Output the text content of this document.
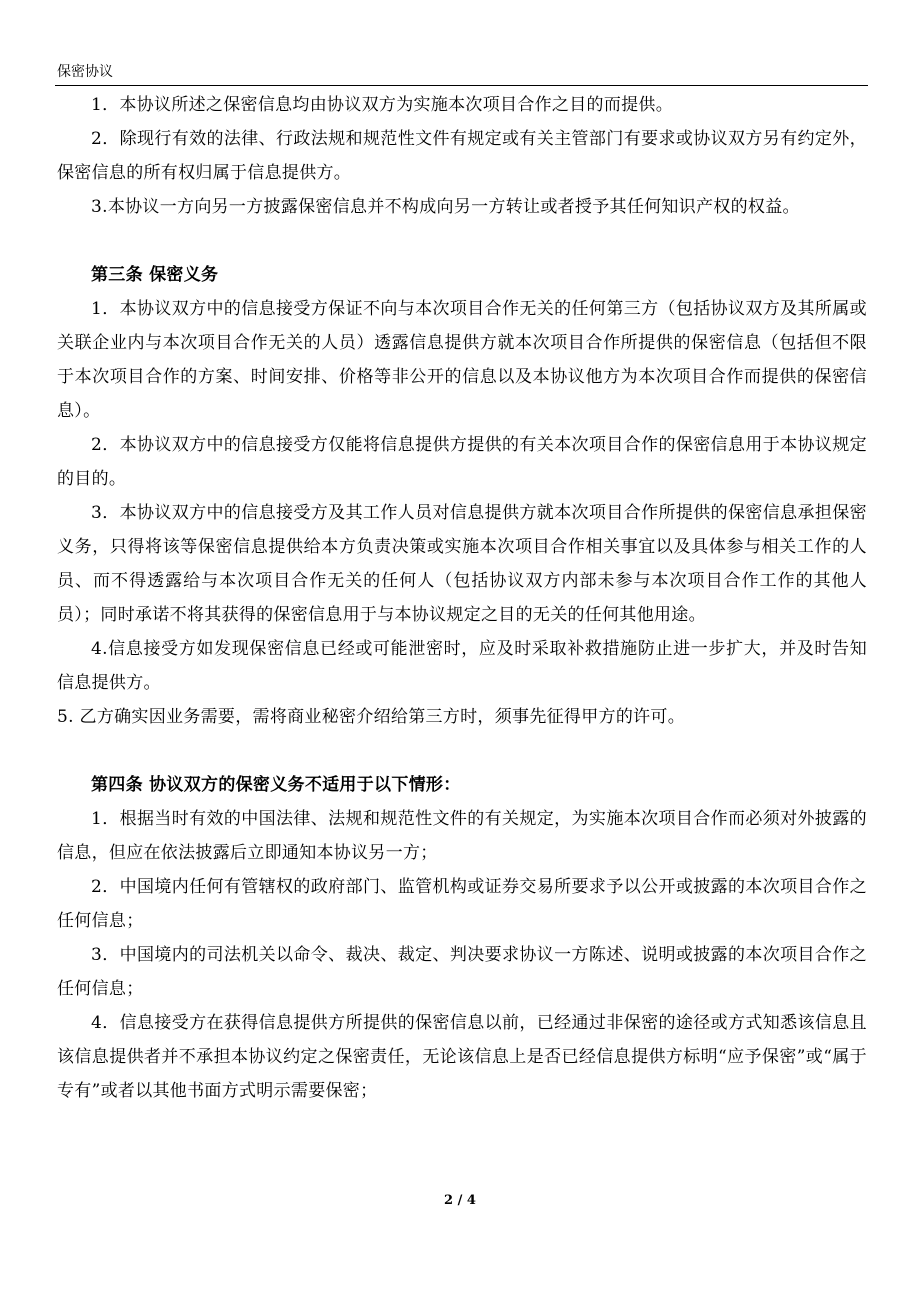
保密协议

1．本协议所述之保密信息均由协议双方为实施本次项目合作之目的而提供。

2．除现行有效的法律、行政法规和规范性文件有规定或有关主管部门有要求或协议双方另有约定外，保密信息的所有权归属于信息提供方。

3.本协议一方向另一方披露保密信息并不构成向另一方转让或者授予其任何知识产权的权益。

第三条 保密义务

1．本协议双方中的信息接受方保证不向与本次项目合作无关的任何第三方（包括协议双方及其所属或关联企业内与本次项目合作无关的人员）透露信息提供方就本次项目合作所提供的保密信息（包括但不限于本次项目合作的方案、时间安排、价格等非公开的信息以及本协议他方为本次项目合作而提供的保密信息）。

2．本协议双方中的信息接受方仅能将信息提供方提供的有关本次项目合作的保密信息用于本协议规定的目的。

3．本协议双方中的信息接受方及其工作人员对信息提供方就本次项目合作所提供的保密信息承担保密义务，只得将该等保密信息提供给本方负责决策或实施本次项目合作相关事宜以及具体参与相关工作的人员、而不得透露给与本次项目合作无关的任何人（包括协议双方内部未参与本次项目合作工作的其他人员）；同时承诺不将其获得的保密信息用于与本协议规定之目的无关的任何其他用途。

4.信息接受方如发现保密信息已经或可能泄密时，应及时采取补救措施防止进一步扩大，并及时告知信息提供方。

5. 乙方确实因业务需要，需将商业秘密介绍给第三方时，须事先征得甲方的许可。

第四条 协议双方的保密义务不适用于以下情形：

1．根据当时有效的中国法律、法规和规范性文件的有关规定，为实施本次项目合作而必须对外披露的信息，但应在依法披露后立即通知本协议另一方；

2．中国境内任何有管辖权的政府部门、监管机构或证券交易所要求予以公开或披露的本次项目合作之任何信息；

3．中国境内的司法机关以命令、裁决、裁定、判决要求协议一方陈述、说明或披露的本次项目合作之任何信息；

4．信息接受方在获得信息提供方所提供的保密信息以前，已经通过非保密的途径或方式知悉该信息且该信息提供者并不承担本协议约定之保密责任，无论该信息上是否已经信息提供方标明“应予保密”或“属于专有”或者以其他书面方式明示需要保密；

2 / 4
